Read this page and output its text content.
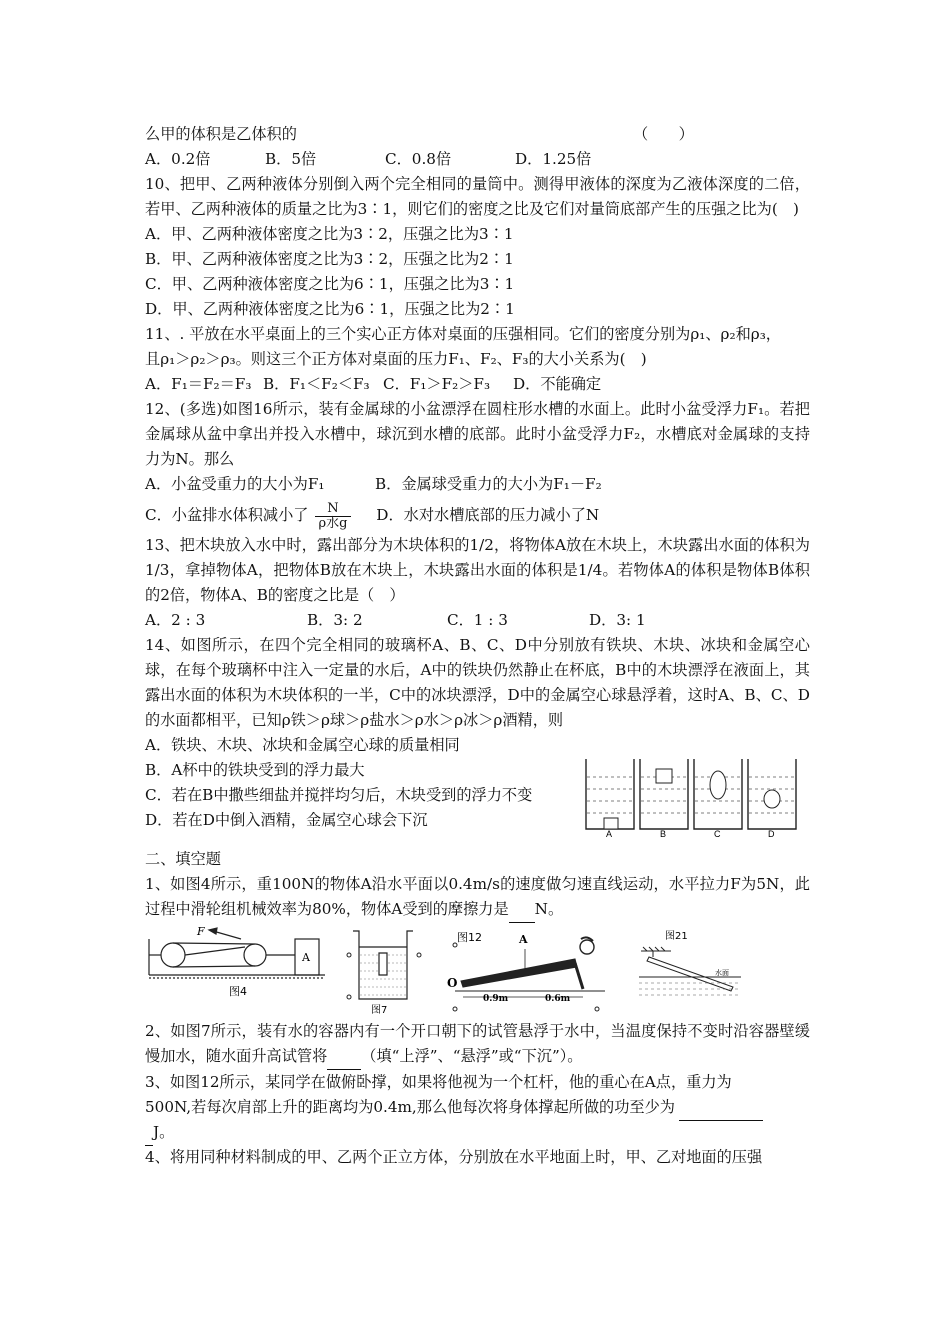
么甲的体积是乙体积的	（　　）
A．0.2倍	B．5倍	C．0.8倍	D．1.25倍
10、把甲、乙两种液体分别倒入两个完全相同的量筒中。测得甲液体的深度为乙液体深度的二倍，若甲、乙两种液体的质量之比为3∶1，则它们的密度之比及它们对量筒底部产生的压强之比为(　)
A．甲、乙两种液体密度之比为3∶2，压强之比为3∶1
B．甲、乙两种液体密度之比为3∶2，压强之比为2∶1
C．甲、乙两种液体密度之比为6∶1，压强之比为3∶1
D．甲、乙两种液体密度之比为6∶1，压强之比为2∶1
11、. 平放在水平桌面上的三个实心正方体对桌面的压强相同。它们的密度分别为ρ₁、ρ₂和ρ₃，
且ρ₁＞ρ₂＞ρ₃。则这三个正方体对桌面的压力F₁、F₂、F₃的大小关系为(　)
A．F₁＝F₂＝F₃ B．F₁＜F₂＜F₃ C．F₁＞F₂＞F₃ D．不能确定
12、(多选)如图16所示，装有金属球的小盆漂浮在圆柱形水槽的水面上。此时小盆受浮力F₁。若把金属球从盆中拿出并投入水槽中，球沉到水槽的底部。此时小盆受浮力F₂，水槽底对金属球的支持力为N。那么
A．小盆受重力的大小为F₁	B．金属球受重力的大小为F₁－F₂
C．小盆排水体积减小了 $\frac{N}{\text{ρ水g}}$ D．水对水槽底部的压力减小了N
13、把木块放入水中时，露出部分为木块体积的1/2，将物体A放在木块上，木块露出水面的体积为1/3，拿掉物体A，把物体B放在木块上，木块露出水面的体积是1/4。若物体A的体积是物体B体积的2倍，物体A、B的密度之比是（　）
A．2 : 3	B．3: 2	C．1 : 3	D．3: 1
14、如图所示，在四个完全相同的玻璃杯A、B、C、D中分别放有铁块、木块、冰块和金属空心球，在每个玻璃杯中注入一定量的水后，A中的铁块仍然静止在杯底，B中的木块漂浮在液面上，其露出水面的体积为木块体积的一半，C中的冰块漂浮，D中的金属空心球悬浮着，这时A、B、C、D的水面都相平，已知ρ铁＞ρ球＞ρ盐水＞ρ水＞ρ冰＞ρ酒精，则
A．铁块、木块、冰块和金属空心球的质量相同
B．A杯中的铁块受到的浮力最大
C．若在B中撒些细盐并搅拌均匀后，木块受到的浮力不变
D．若在D中倒入酒精，金属空心球会下沉
A	B	C	D
二、填空题
1、如图4所示，重100N的物体A沿水平面以0.4m/s的速度做匀速直线运动，水平拉力F为5N，此过程中滑轮组机械效率为80%，物体A受到的摩擦力是 N。
F
A
图4
图7
图12	A
O
0.9m	0.6m
图21
水面
2、如图7所示，装有水的容器内有一个开口朝下的试管悬浮于水中，当温度保持不变时沿容器壁缓慢加水，随水面升高试管将 （填“上浮”、“悬浮”或“下沉”）。
3、如图12所示，某同学在做俯卧撑，如果将他视为一个杠杆，他的重心在A点，重力为
500N,若每次肩部上升的距离均为0.4m,那么他每次将身体撑起所做的功至少为
J。
4、将用同种材料制成的甲、乙两个正立方体，分别放在水平地面上时，甲、乙对地面的压强
